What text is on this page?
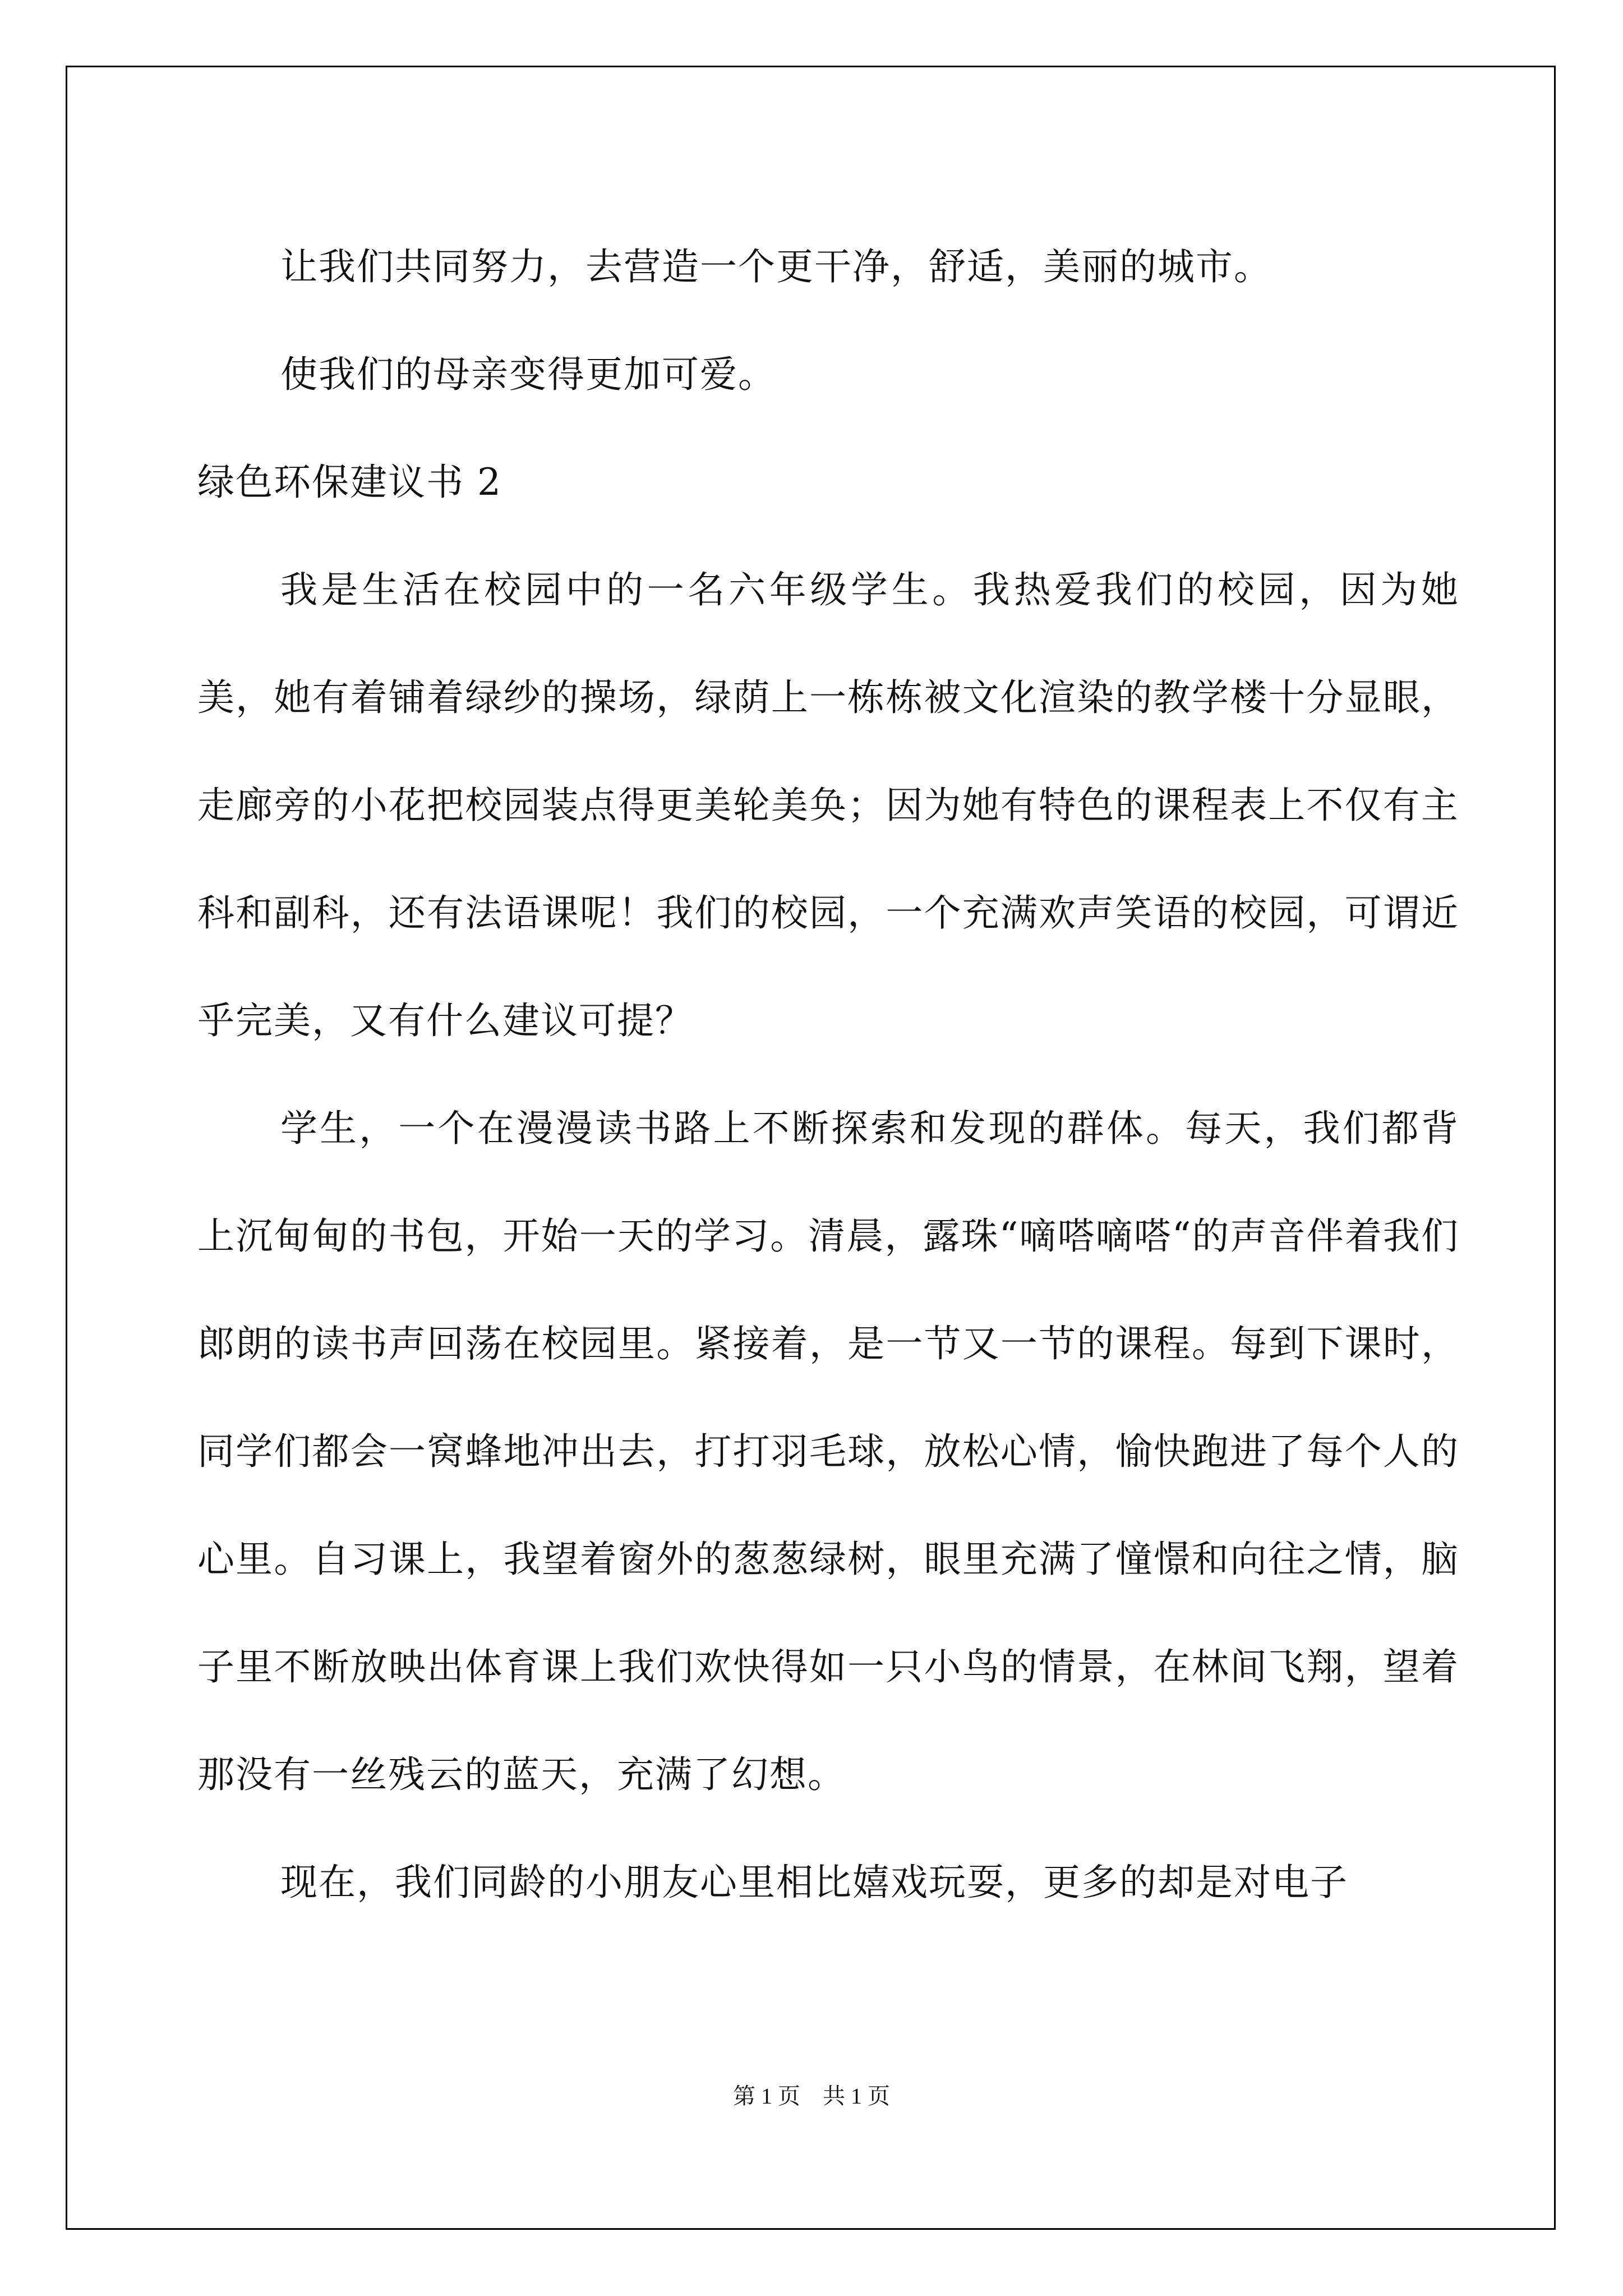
让我们共同努力，去营造一个更干净，舒适，美丽的城市。

使我们的母亲变得更加可爱。

绿色环保建议书 2

我是生活在校园中的一名六年级学生。我热爱我们的校园，因为她美，她有着铺着绿纱的操场，绿荫上一栋栋被文化渲染的教学楼十分显眼，走廊旁的小花把校园装点得更美轮美奂；因为她有特色的课程表上不仅有主科和副科，还有法语课呢！我们的校园，一个充满欢声笑语的校园，可谓近乎完美，又有什么建议可提？

学生，一个在漫漫读书路上不断探索和发现的群体。每天，我们都背上沉甸甸的书包，开始一天的学习。清晨，露珠“嘀嗒嘀嗒“的声音伴着我们郎朗的读书声回荡在校园里。紧接着，是一节又一节的课程。每到下课时，同学们都会一窝蜂地冲出去，打打羽毛球，放松心情，愉快跑进了每个人的心里。自习课上，我望着窗外的葱葱绿树，眼里充满了憧憬和向往之情，脑子里不断放映出体育课上我们欢快得如一只小鸟的情景，在林间飞翔，望着那没有一丝残云的蓝天，充满了幻想。

现在，我们同龄的小朋友心里相比嬉戏玩耍，更多的却是对电子

第 1 页　共 1 页
